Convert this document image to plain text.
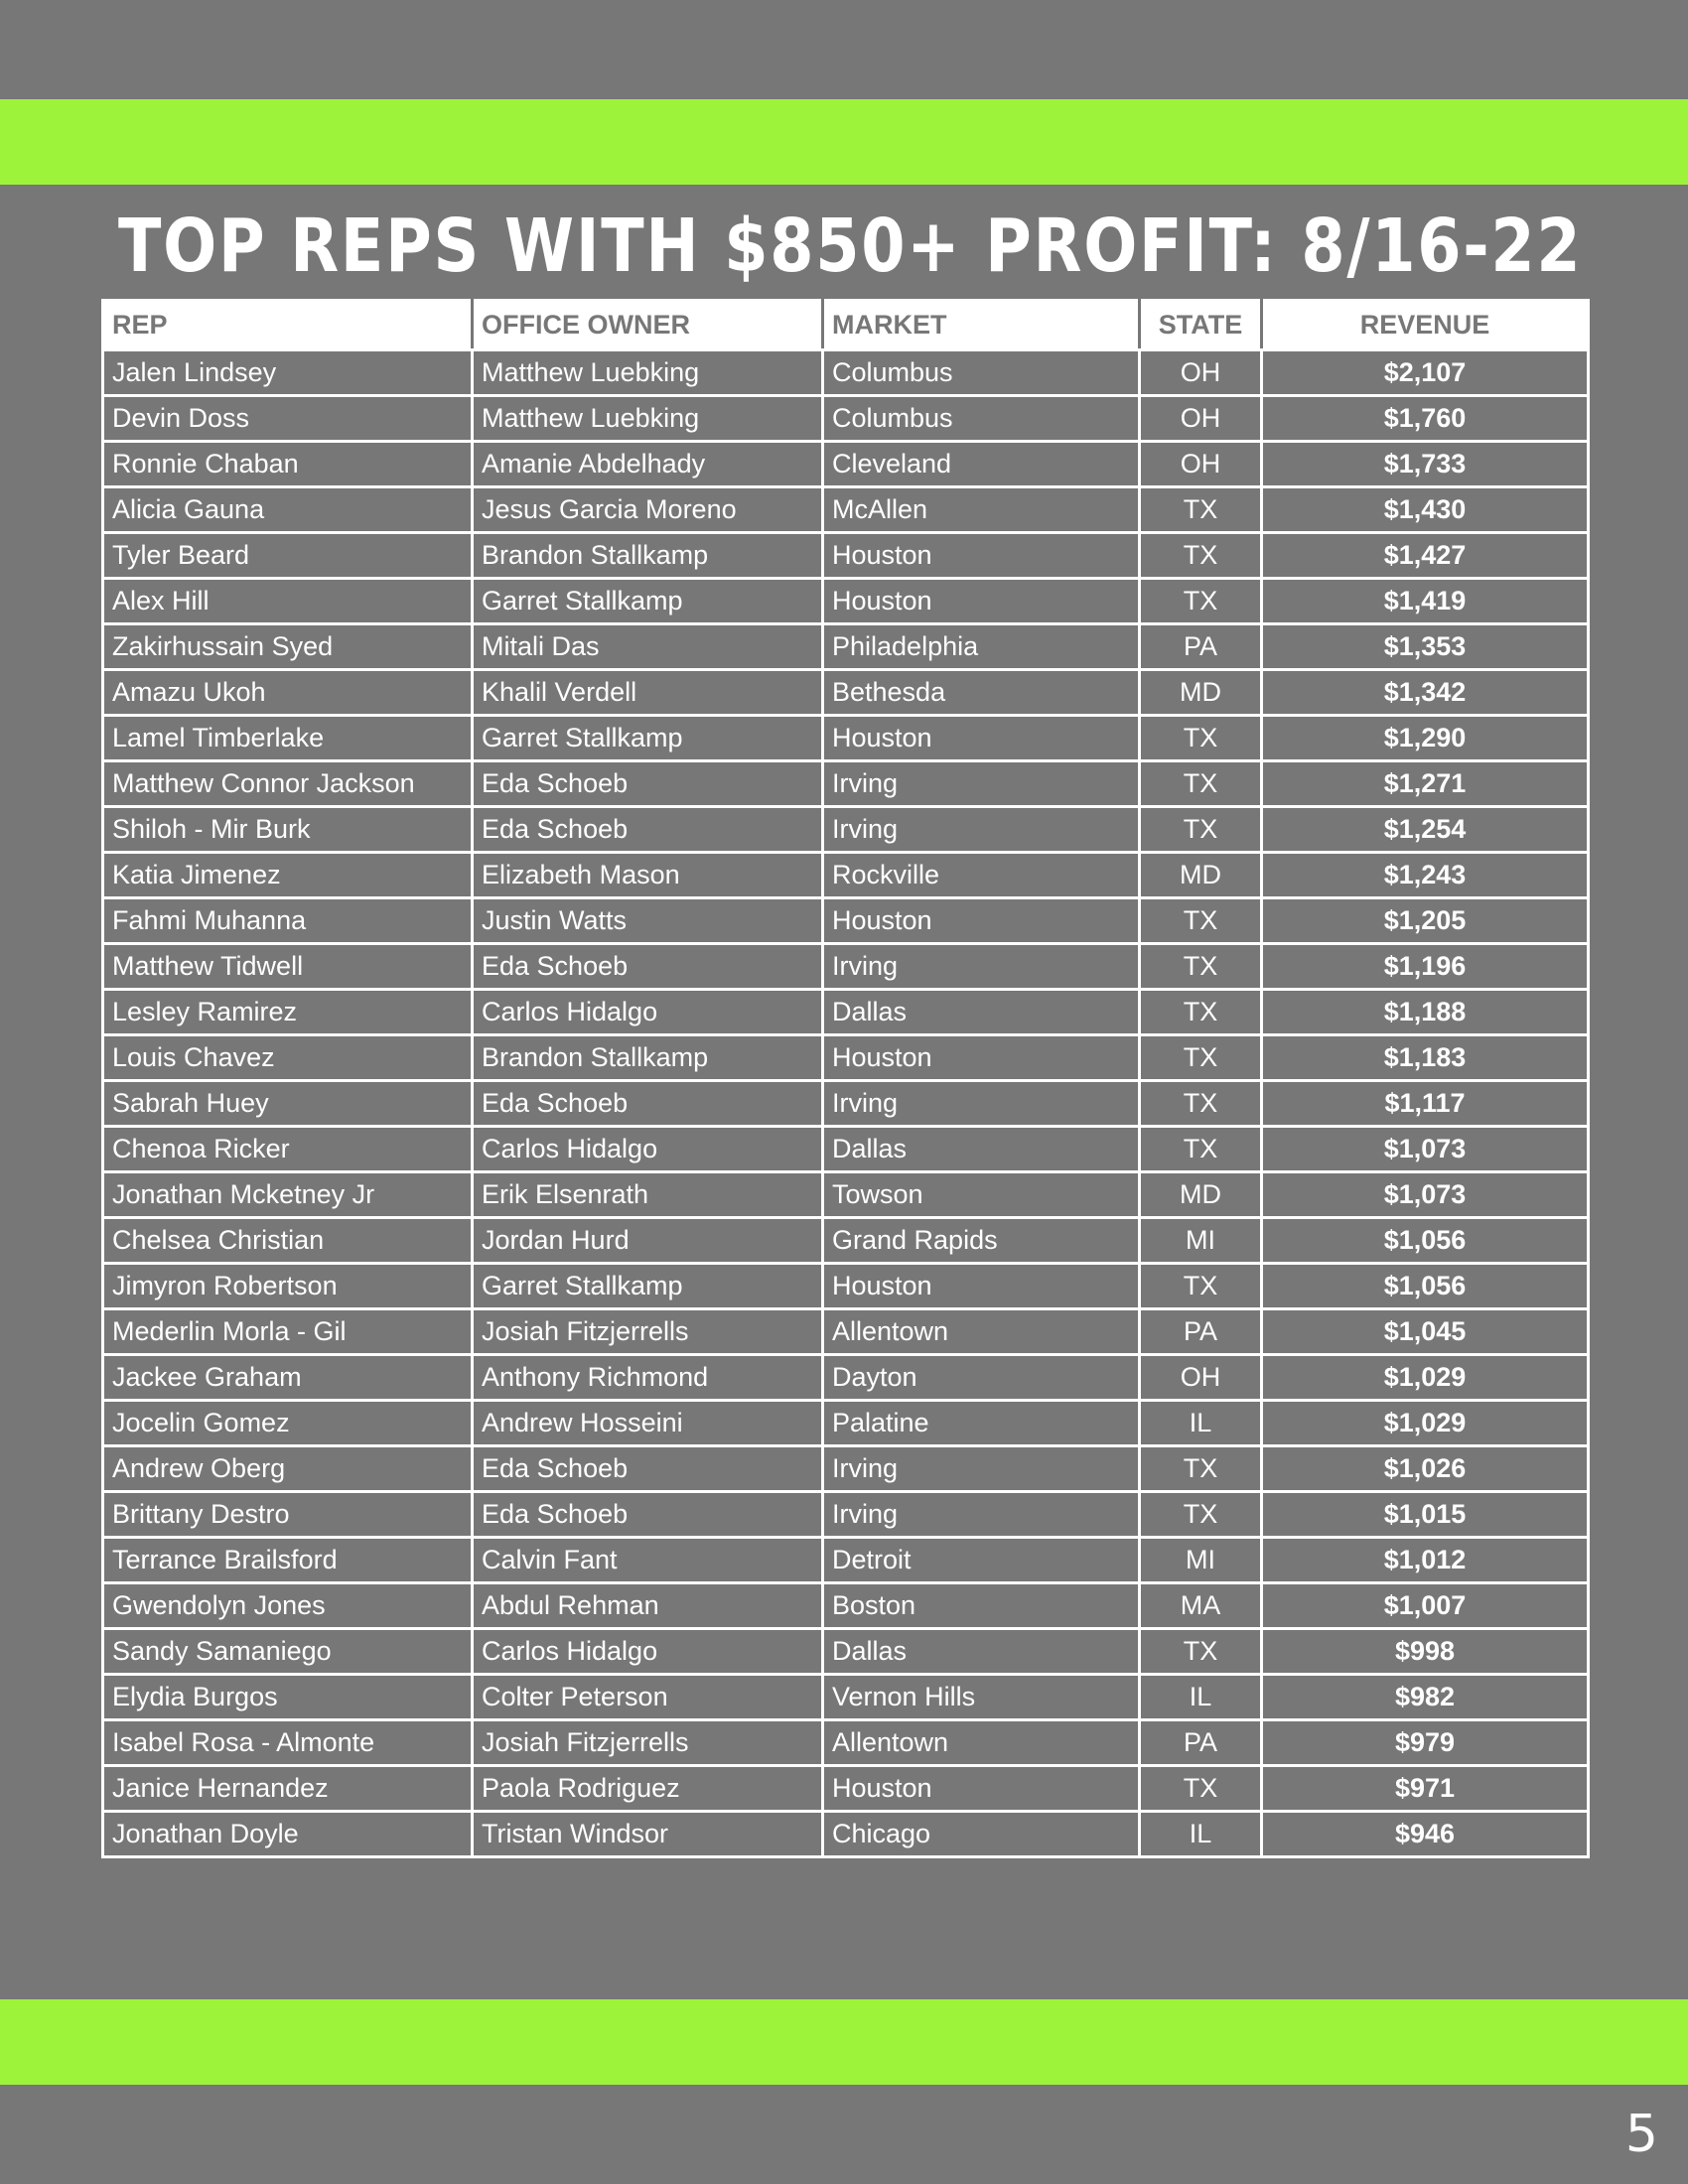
TOP REPS WITH $850+ PROFIT: 8/16-22
REP	OFFICE OWNER	MARKET	STATE	REVENUE
Jalen Lindsey	Matthew Luebking	Columbus	OH	$2,107
Devin Doss	Matthew Luebking	Columbus	OH	$1,760
Ronnie Chaban	Amanie Abdelhady	Cleveland	OH	$1,733
Alicia Gauna	Jesus Garcia Moreno	McAllen	TX	$1,430
Tyler Beard	Brandon Stallkamp	Houston	TX	$1,427
Alex Hill	Garret Stallkamp	Houston	TX	$1,419
Zakirhussain Syed	Mitali Das	Philadelphia	PA	$1,353
Amazu Ukoh	Khalil Verdell	Bethesda	MD	$1,342
Lamel Timberlake	Garret Stallkamp	Houston	TX	$1,290
Matthew Connor Jackson	Eda Schoeb	Irving	TX	$1,271
Shiloh - Mir Burk	Eda Schoeb	Irving	TX	$1,254
Katia Jimenez	Elizabeth Mason	Rockville	MD	$1,243
Fahmi Muhanna	Justin Watts	Houston	TX	$1,205
Matthew Tidwell	Eda Schoeb	Irving	TX	$1,196
Lesley Ramirez	Carlos Hidalgo	Dallas	TX	$1,188
Louis Chavez	Brandon Stallkamp	Houston	TX	$1,183
Sabrah Huey	Eda Schoeb	Irving	TX	$1,117
Chenoa Ricker	Carlos Hidalgo	Dallas	TX	$1,073
Jonathan Mcketney Jr	Erik Elsenrath	Towson	MD	$1,073
Chelsea Christian	Jordan Hurd	Grand Rapids	MI	$1,056
Jimyron Robertson	Garret Stallkamp	Houston	TX	$1,056
Mederlin Morla - Gil	Josiah Fitzjerrells	Allentown	PA	$1,045
Jackee Graham	Anthony Richmond	Dayton	OH	$1,029
Jocelin Gomez	Andrew Hosseini	Palatine	IL	$1,029
Andrew Oberg	Eda Schoeb	Irving	TX	$1,026
Brittany Destro	Eda Schoeb	Irving	TX	$1,015
Terrance Brailsford	Calvin Fant	Detroit	MI	$1,012
Gwendolyn Jones	Abdul Rehman	Boston	MA	$1,007
Sandy Samaniego	Carlos Hidalgo	Dallas	TX	$998
Elydia Burgos	Colter Peterson	Vernon Hills	IL	$982
Isabel Rosa - Almonte	Josiah Fitzjerrells	Allentown	PA	$979
Janice Hernandez	Paola Rodriguez	Houston	TX	$971
Jonathan Doyle	Tristan Windsor	Chicago	IL	$946
5
